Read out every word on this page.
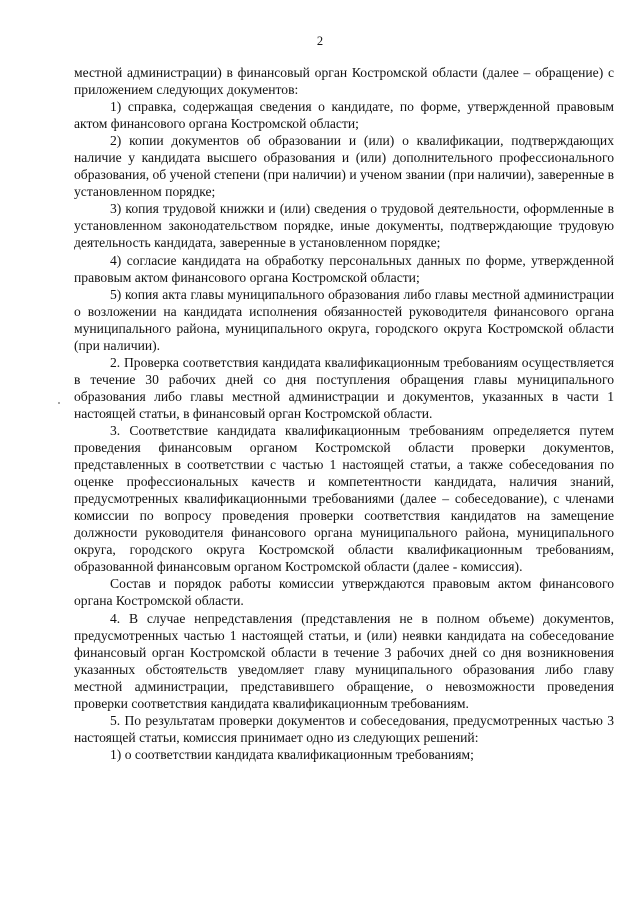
2

местной администрации) в финансовый орган Костромской области (далее – обращение) с приложением следующих документов:

1) справка, содержащая сведения о кандидате, по форме, утвержденной правовым актом финансового органа Костромской области;

2) копии документов об образовании и (или) о квалификации, подтверждающих наличие у кандидата высшего образования и (или) дополнительного профессионального образования, об ученой степени (при наличии) и ученом звании (при наличии), заверенные в установленном порядке;

3) копия трудовой книжки и (или) сведения о трудовой деятельности, оформленные в установленном законодательством порядке, иные документы, подтверждающие трудовую деятельность кандидата, заверенные в установленном порядке;

4) согласие кандидата на обработку персональных данных по форме, утвержденной правовым актом финансового органа Костромской области;

5) копия акта главы муниципального образования либо главы местной администрации о возложении на кандидата исполнения обязанностей руководителя финансового органа муниципального района, муниципального округа, городского округа Костромской области (при наличии).

2. Проверка соответствия кандидата квалификационным требованиям осуществляется в течение 30 рабочих дней со дня поступления обращения главы муниципального образования либо главы местной администрации и документов, указанных в части 1 настоящей статьи, в финансовый орган Костромской области.

3. Соответствие кандидата квалификационным требованиям определяется путем проведения финансовым органом Костромской области проверки документов, представленных в соответствии с частью 1 настоящей статьи, а также собеседования по оценке профессиональных качеств и компетентности кандидата, наличия знаний, предусмотренных квалификационными требованиями (далее – собеседование), с членами комиссии по вопросу проведения проверки соответствия кандидатов на замещение должности руководителя финансового органа муниципального района, муниципального округа, городского округа Костромской области квалификационным требованиям, образованной финансовым органом Костромской области (далее - комиссия).

Состав и порядок работы комиссии утверждаются правовым актом финансового органа Костромской области.

4. В случае непредставления (представления не в полном объеме) документов, предусмотренных частью 1 настоящей статьи, и (или) неявки кандидата на собеседование финансовый орган Костромской области в течение 3 рабочих дней со дня возникновения указанных обстоятельств уведомляет главу муниципального образования либо главу местной администрации, представившего обращение, о невозможности проведения проверки соответствия кандидата квалификационным требованиям.

5. По результатам проверки документов и собеседования, предусмотренных частью 3 настоящей статьи, комиссия принимает одно из следующих решений:

1) о соответствии кандидата квалификационным требованиям;
